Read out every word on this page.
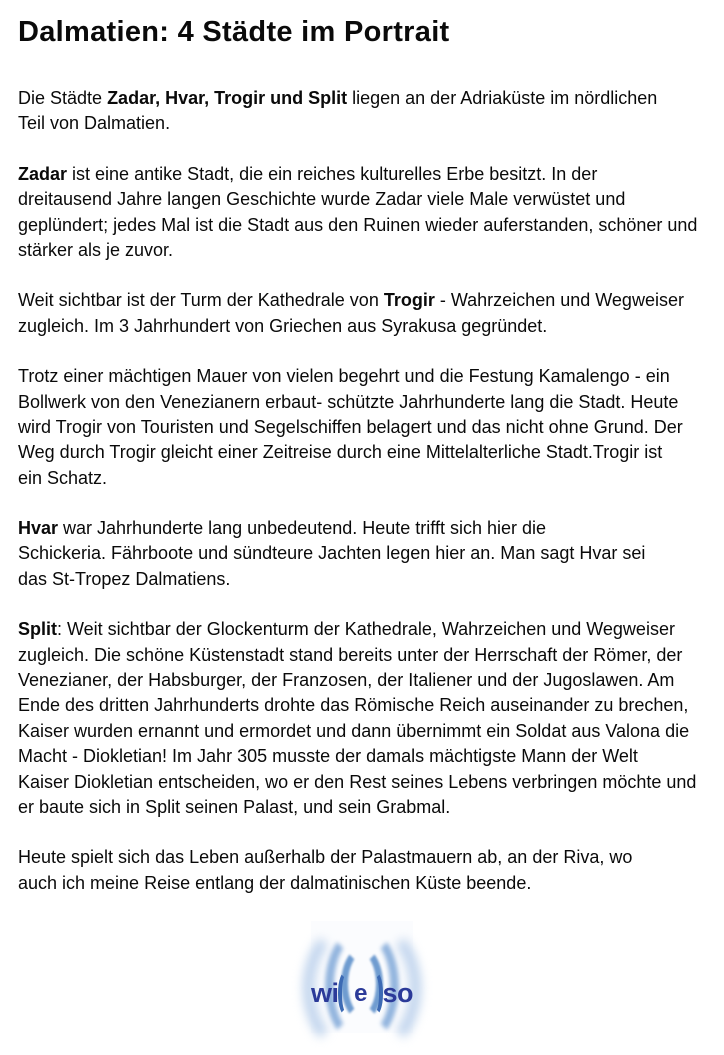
Dalmatien: 4 Städte im Portrait
Die Städte Zadar, Hvar, Trogir und Split liegen an der Adriaküste im nördlichen
Teil von Dalmatien.
Zadar ist eine antike Stadt, die ein reiches kulturelles Erbe besitzt. In der
dreitausend Jahre langen Geschichte wurde Zadar viele Male verwüstet und
geplündert; jedes Mal ist die Stadt aus den Ruinen wieder auferstanden, schöner und
stärker als je zuvor.
Weit sichtbar ist der Turm der Kathedrale von Trogir - Wahrzeichen und Wegweiser
zugleich. Im 3 Jahrhundert von Griechen aus Syrakusa gegründet.
Trotz einer mächtigen Mauer von vielen begehrt und die Festung Kamalengo - ein
Bollwerk von den Venezianern erbaut- schützte Jahrhunderte lang die Stadt. Heute
wird Trogir von Touristen und Segelschiffen belagert und das nicht ohne Grund. Der
Weg durch Trogir gleicht einer Zeitreise durch eine Mittelalterliche Stadt.Trogir ist
ein Schatz.
Hvar war Jahrhunderte lang unbedeutend. Heute trifft sich hier die
Schickeria. Fährboote und sündteure Jachten legen hier an. Man sagt Hvar sei
das St-Tropez Dalmatiens.
Split: Weit sichtbar der Glockenturm der Kathedrale, Wahrzeichen und Wegweiser
zugleich. Die schöne Küstenstadt stand bereits unter der Herrschaft der Römer, der
Venezianer, der Habsburger, der Franzosen, der Italiener und der Jugoslawen. Am
Ende des dritten Jahrhunderts drohte das Römische Reich auseinander zu brechen,
Kaiser wurden ernannt und ermordet und dann übernimmt ein Soldat aus Valona die
Macht - Diokletian! Im Jahr 305 musste der damals mächtigste Mann der Welt
Kaiser Diokletian entscheiden, wo er den Rest seines Lebens verbringen möchte und
er baute sich in Split seinen Palast, und sein Grabmal.
Heute spielt sich das Leben außerhalb der Palastmauern ab, an der Riva, wo
auch ich meine Reise entlang der dalmatinischen Küste beende.
wi e so
